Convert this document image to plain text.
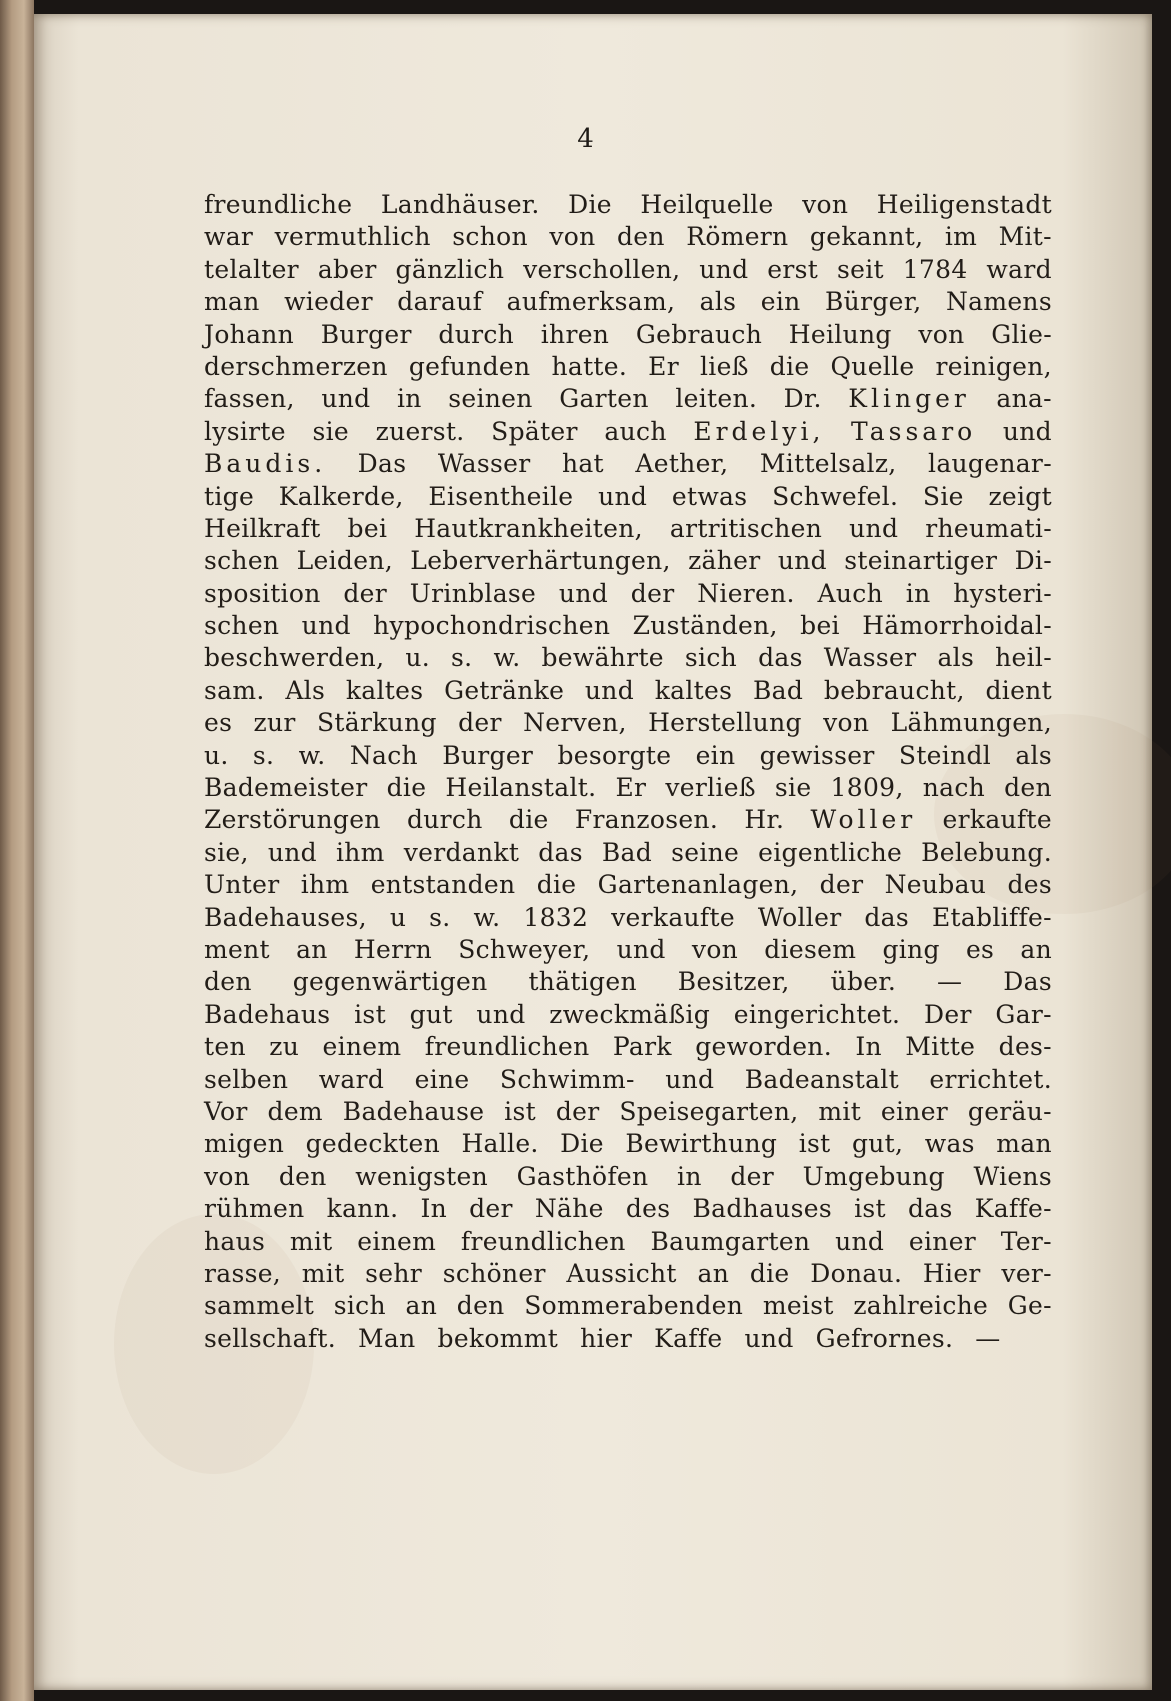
4
freundliche Landhäuser. Die Heilquelle von Heiligenstadt
war vermuthlich schon von den Römern gekannt, im Mit-
telalter aber gänzlich verschollen, und erst seit 1784 ward
man wieder darauf aufmerksam, als ein Bürger, Namens
Johann Burger durch ihren Gebrauch Heilung von Glie-
derschmerzen gefunden hatte. Er ließ die Quelle reinigen,
fassen, und in seinen Garten leiten. Dr. Klinger ana-
lysirte sie zuerst. Später auch Erdelyi, Tassaro und
Baudis. Das Wasser hat Aether, Mittelsalz, laugenar-
tige Kalkerde, Eisentheile und etwas Schwefel. Sie zeigt
Heilkraft bei Hautkrankheiten, artritischen und rheumati-
schen Leiden, Leberverhärtungen, zäher und steinartiger Di-
sposition der Urinblase und der Nieren. Auch in hysteri-
schen und hypochondrischen Zuständen, bei Hämorrhoidal-
beschwerden, u. s. w. bewährte sich das Wasser als heil-
sam. Als kaltes Getränke und kaltes Bad bebraucht, dient
es zur Stärkung der Nerven, Herstellung von Lähmungen,
u. s. w. Nach Burger besorgte ein gewisser Steindl als
Bademeister die Heilanstalt. Er verließ sie 1809, nach den
Zerstörungen durch die Franzosen. Hr. Woller erkaufte
sie, und ihm verdankt das Bad seine eigentliche Belebung.
Unter ihm entstanden die Gartenanlagen, der Neubau des
Badehauses, u s. w. 1832 verkaufte Woller das Etabliffe-
ment an Herrn Schweyer, und von diesem ging es an
den gegenwärtigen thätigen Besitzer, über. — Das
Badehaus ist gut und zweckmäßig eingerichtet. Der Gar-
ten zu einem freundlichen Park geworden. In Mitte des-
selben ward eine Schwimm- und Badeanstalt errichtet.
Vor dem Badehause ist der Speisegarten, mit einer geräu-
migen gedeckten Halle. Die Bewirthung ist gut, was man
von den wenigsten Gasthöfen in der Umgebung Wiens
rühmen kann. In der Nähe des Badhauses ist das Kaffe-
haus mit einem freundlichen Baumgarten und einer Ter-
rasse, mit sehr schöner Aussicht an die Donau. Hier ver-
sammelt sich an den Sommerabenden meist zahlreiche Ge-
sellschaft. Man bekommt hier Kaffe und Gefrornes. —
